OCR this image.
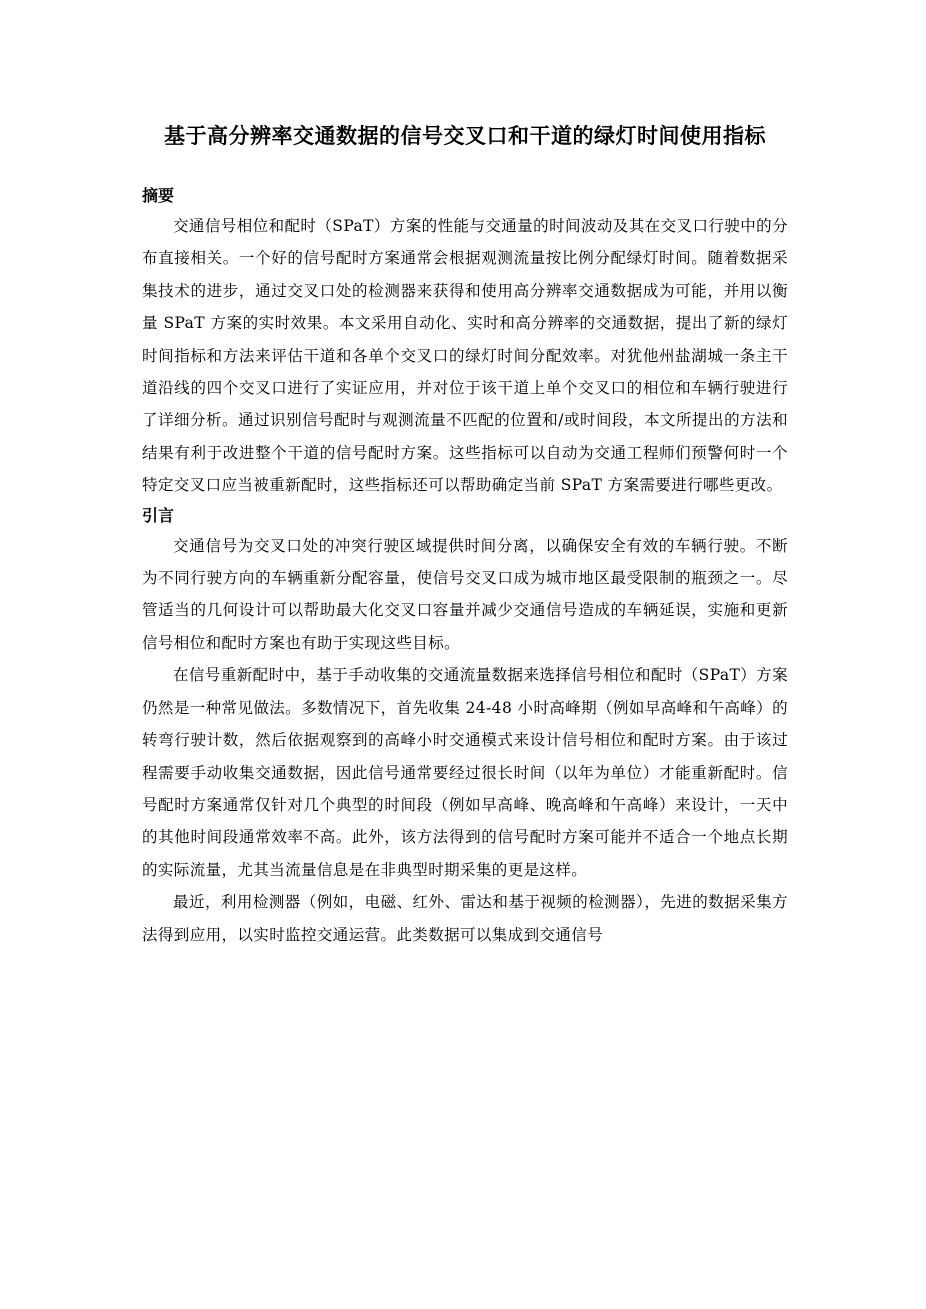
基于高分辨率交通数据的信号交叉口和干道的绿灯时间使用指标
摘要

交通信号相位和配时（SPaT）方案的性能与交通量的时间波动及其在交叉口行驶中的分布直接相关。一个好的信号配时方案通常会根据观测流量按比例分配绿灯时间。随着数据采集技术的进步，通过交叉口处的检测器来获得和使用高分辨率交通数据成为可能，并用以衡量 SPaT 方案的实时效果。本文采用自动化、实时和高分辨率的交通数据，提出了新的绿灯时间指标和方法来评估干道和各单个交叉口的绿灯时间分配效率。对犹他州盐湖城一条主干道沿线的四个交叉口进行了实证应用，并对位于该干道上单个交叉口的相位和车辆行驶进行了详细分析。通过识别信号配时与观测流量不匹配的位置和/或时间段，本文所提出的方法和结果有利于改进整个干道的信号配时方案。这些指标可以自动为交通工程师们预警何时一个特定交叉口应当被重新配时，这些指标还可以帮助确定当前 SPaT 方案需要进行哪些更改。

引言

交通信号为交叉口处的冲突行驶区域提供时间分离，以确保安全有效的车辆行驶。不断为不同行驶方向的车辆重新分配容量，使信号交叉口成为城市地区最受限制的瓶颈之一。尽管适当的几何设计可以帮助最大化交叉口容量并减少交通信号造成的车辆延误，实施和更新信号相位和配时方案也有助于实现这些目标。

在信号重新配时中，基于手动收集的交通流量数据来选择信号相位和配时（SPaT）方案仍然是一种常见做法。多数情况下，首先收集 24-48 小时高峰期（例如早高峰和午高峰）的转弯行驶计数，然后依据观察到的高峰小时交通模式来设计信号相位和配时方案。由于该过程需要手动收集交通数据，因此信号通常要经过很长时间（以年为单位）才能重新配时。信号配时方案通常仅针对几个典型的时间段（例如早高峰、晚高峰和午高峰）来设计，一天中的其他时间段通常效率不高。此外，该方法得到的信号配时方案可能并不适合一个地点长期的实际流量，尤其当流量信息是在非典型时期采集的更是这样。

最近，利用检测器（例如，电磁、红外、雷达和基于视频的检测器），先进的数据采集方法得到应用，以实时监控交通运营。此类数据可以集成到交通信号
